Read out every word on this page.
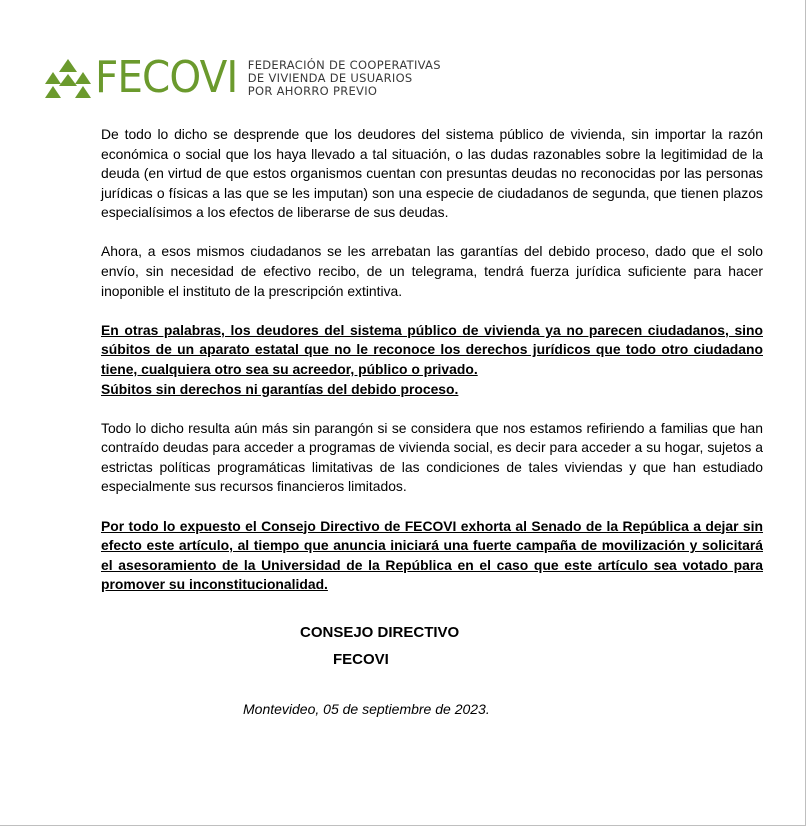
FECOVI FEDERACIÓN DE COOPERATIVAS
DE VIVIENDA DE USUARIOS
POR AHORRO PREVIO

De todo lo dicho se desprende que los deudores del sistema público de vivienda, sin importar la razón económica o social que los haya llevado a tal situación, o las dudas razonables sobre la legitimidad de la deuda (en virtud de que estos organismos cuentan con presuntas deudas no reconocidas por las personas jurídicas o físicas a las que se les imputan) son una especie de ciudadanos de segunda, que tienen plazos especialísimos a los efectos de liberarse de sus deudas.

Ahora, a esos mismos ciudadanos se les arrebatan las garantías del debido proceso, dado que el solo envío, sin necesidad de efectivo recibo, de un telegrama, tendrá fuerza jurídica suficiente para hacer inoponible el instituto de la prescripción extintiva.

En otras palabras, los deudores del sistema público de vivienda ya no parecen ciudadanos, sino súbitos de un aparato estatal que no le reconoce los derechos jurídicos que todo otro ciudadano tiene, cualquiera otro sea su acreedor, público o privado.
Súbitos sin derechos ni garantías del debido proceso.

Todo lo dicho resulta aún más sin parangón si se considera que nos estamos refiriendo a familias que han contraído deudas para acceder a programas de vivienda social, es decir para acceder a su hogar, sujetos a estrictas políticas programáticas limitativas de las condiciones de tales viviendas y que han estudiado especialmente sus recursos financieros limitados.

Por todo lo expuesto el Consejo Directivo de FECOVI exhorta al Senado de la República a dejar sin efecto este artículo, al tiempo que anuncia iniciará una fuerte campaña de movilización y solicitará el asesoramiento de la Universidad de la República en el caso que este artículo sea votado para promover su inconstitucionalidad.

CONSEJO DIRECTIVO
FECOVI
Montevideo, 05 de septiembre de 2023.
